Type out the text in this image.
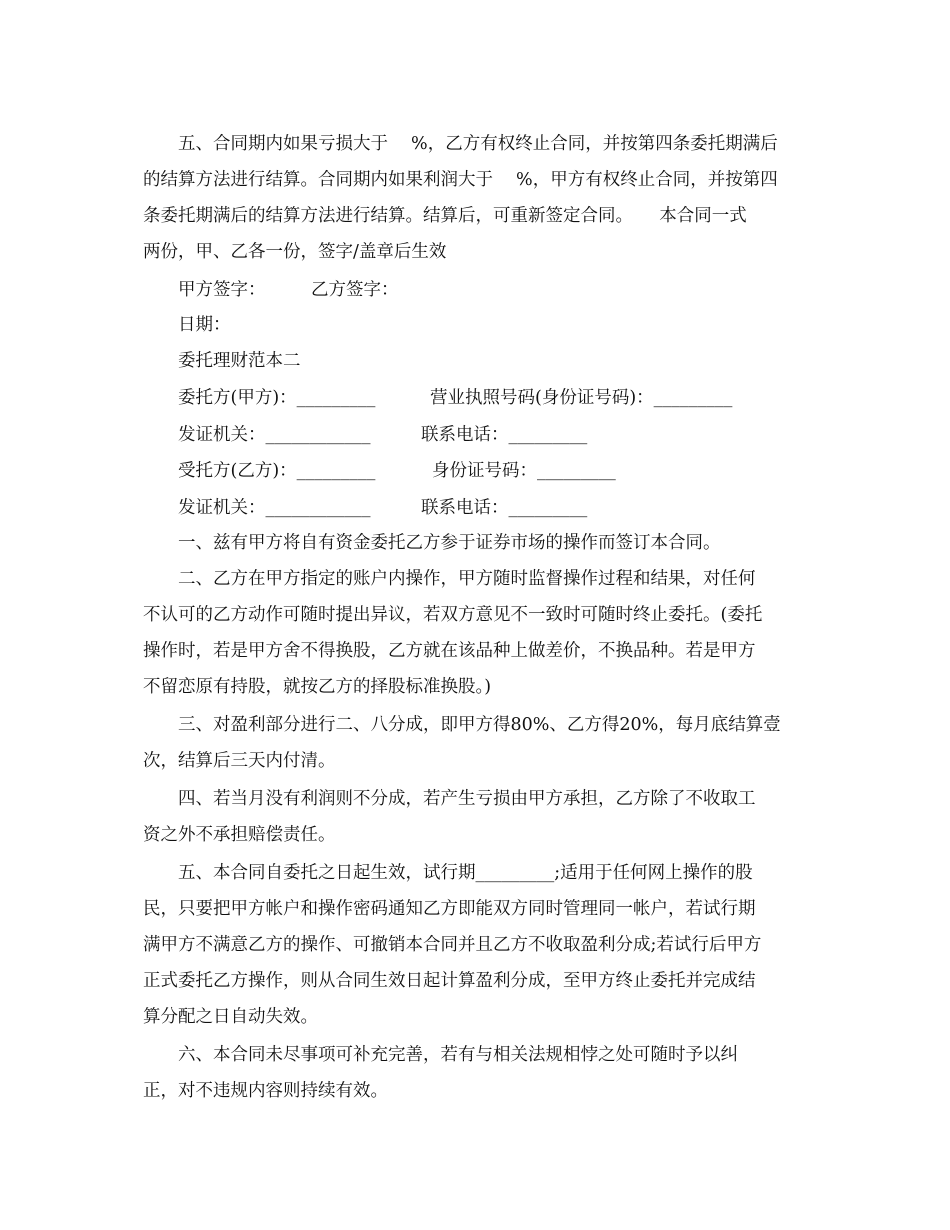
五、合同期内如果亏损大于　 %，乙方有权终止合同，并按第四条委托期满后

的结算方法进行结算。合同期内如果利润大于　 %，甲方有权终止合同，并按第四

条委托期满后的结算方法进行结算。结算后，可重新签定合同。　　本合同一式

两份，甲、乙各一份，签字/盖章后生效

甲方签字：	乙方签字：
日期：
委托理财范本二
委托方(甲方)：_________	营业执照号码(身份证号码)：_________
发证机关：____________	联系电话：_________
受托方(乙方)：_________	身份证号码：_________
发证机关：____________	联系电话：_________

一、兹有甲方将自有资金委托乙方参于证券市场的操作而签订本合同。

二、乙方在甲方指定的账户内操作，甲方随时监督操作过程和结果，对任何

不认可的乙方动作可随时提出异议，若双方意见不一致时可随时终止委托。(委托

操作时，若是甲方舍不得换股，乙方就在该品种上做差价，不换品种。若是甲方

不留恋原有持股，就按乙方的择股标准换股。)

三、对盈利部分进行二、八分成，即甲方得80%、乙方得20%，每月底结算壹

次，结算后三天内付清。

四、若当月没有利润则不分成，若产生亏损由甲方承担，乙方除了不收取工

资之外不承担赔偿责任。

五、本合同自委托之日起生效，试行期_________;适用于任何网上操作的股

民，只要把甲方帐户和操作密码通知乙方即能双方同时管理同一帐户，若试行期

满甲方不满意乙方的操作、可撤销本合同并且乙方不收取盈利分成;若试行后甲方

正式委托乙方操作，则从合同生效日起计算盈利分成，至甲方终止委托并完成结

算分配之日自动失效。

六、本合同未尽事项可补充完善，若有与相关法规相悖之处可随时予以纠

正，对不违规内容则持续有效。
